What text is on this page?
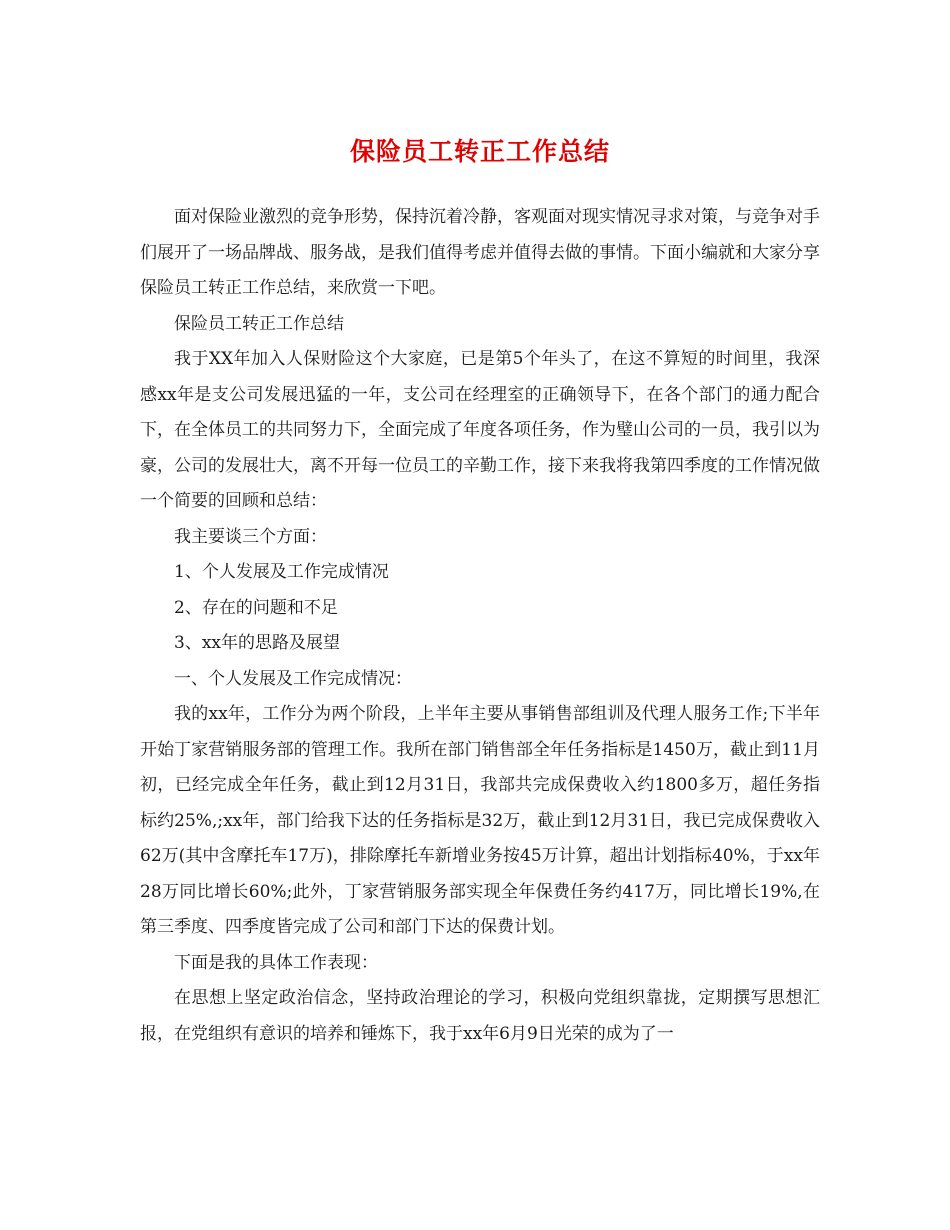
保险员工转正工作总结

面对保险业激烈的竞争形势，保持沉着冷静，客观面对现实情况寻求对策，与竞争对手们展开了一场品牌战、服务战，是我们值得考虑并值得去做的事情。下面小编就和大家分享保险员工转正工作总结，来欣赏一下吧。

保险员工转正工作总结

我于XX年加入人保财险这个大家庭，已是第5个年头了，在这不算短的时间里，我深感xx年是支公司发展迅猛的一年，支公司在经理室的正确领导下，在各个部门的通力配合下，在全体员工的共同努力下，全面完成了年度各项任务，作为璧山公司的一员，我引以为豪，公司的发展壮大，离不开每一位员工的辛勤工作，接下来我将我第四季度的工作情况做一个简要的回顾和总结：

我主要谈三个方面：

1、个人发展及工作完成情况

2、存在的问题和不足

3、xx年的思路及展望

一、个人发展及工作完成情况：

我的xx年，工作分为两个阶段，上半年主要从事销售部组训及代理人服务工作;下半年开始丁家营销服务部的管理工作。我所在部门销售部全年任务指标是1450万，截止到11月初，已经完成全年任务，截止到12月31日，我部共完成保费收入约1800多万，超任务指标约25%,;xx年，部门给我下达的任务指标是32万，截止到12月31日，我已完成保费收入62万(其中含摩托车17万)，排除摩托车新增业务按45万计算，超出计划指标40%，于xx年28万同比增长60%;此外，丁家营销服务部实现全年保费任务约417万，同比增长19%,在第三季度、四季度皆完成了公司和部门下达的保费计划。

下面是我的具体工作表现：

在思想上坚定政治信念，坚持政治理论的学习，积极向党组织靠拢，定期撰写思想汇报，在党组织有意识的培养和锤炼下，我于xx年6月9日光荣的成为了一
